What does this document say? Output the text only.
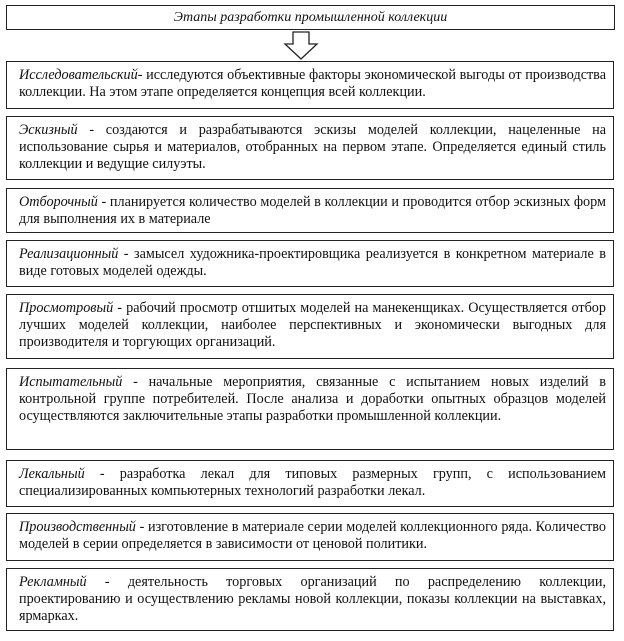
Этапы разработки промышленной коллекции
Исследовательский- исследуются объективные факторы экономической выгоды от производства коллекции. На этом этапе определяется концепция всей коллекции.
Эскизный - создаются и разрабатываются эскизы моделей коллекции, нацеленные на использование сырья и материалов, отобранных на первом этапе. Определяется единый стиль коллекции и ведущие силуэты.
Отборочный - планируется количество моделей в коллекции и проводится отбор эскизных форм для выполнения их в материале
Реализационный - замысел художника-проектировщика реализуется в конкретном материале в виде готовых моделей одежды.
Просмотровый - рабочий просмотр отшитых моделей на манекенщиках. Осуществляется отбор лучших моделей коллекции, наиболее перспективных и экономически выгодных для производителя и торгующих организаций.
Испытательный - начальные мероприятия, связанные с испытанием новых изделий в контрольной группе потребителей. После анализа и доработки опытных образцов моделей осуществляются заключительные этапы разработки промышленной коллекции.
Лекальный - разработка лекал для типовых размерных групп, с использованием специализированных компьютерных технологий разработки лекал.
Производственный - изготовление в материале серии моделей коллекционного ряда. Количество моделей в серии определяется в зависимости от ценовой политики.
Рекламный - деятельность торговых организаций по распределению коллекции, проектированию и осуществлению рекламы новой коллекции, показы коллекции на выставках, ярмарках.
